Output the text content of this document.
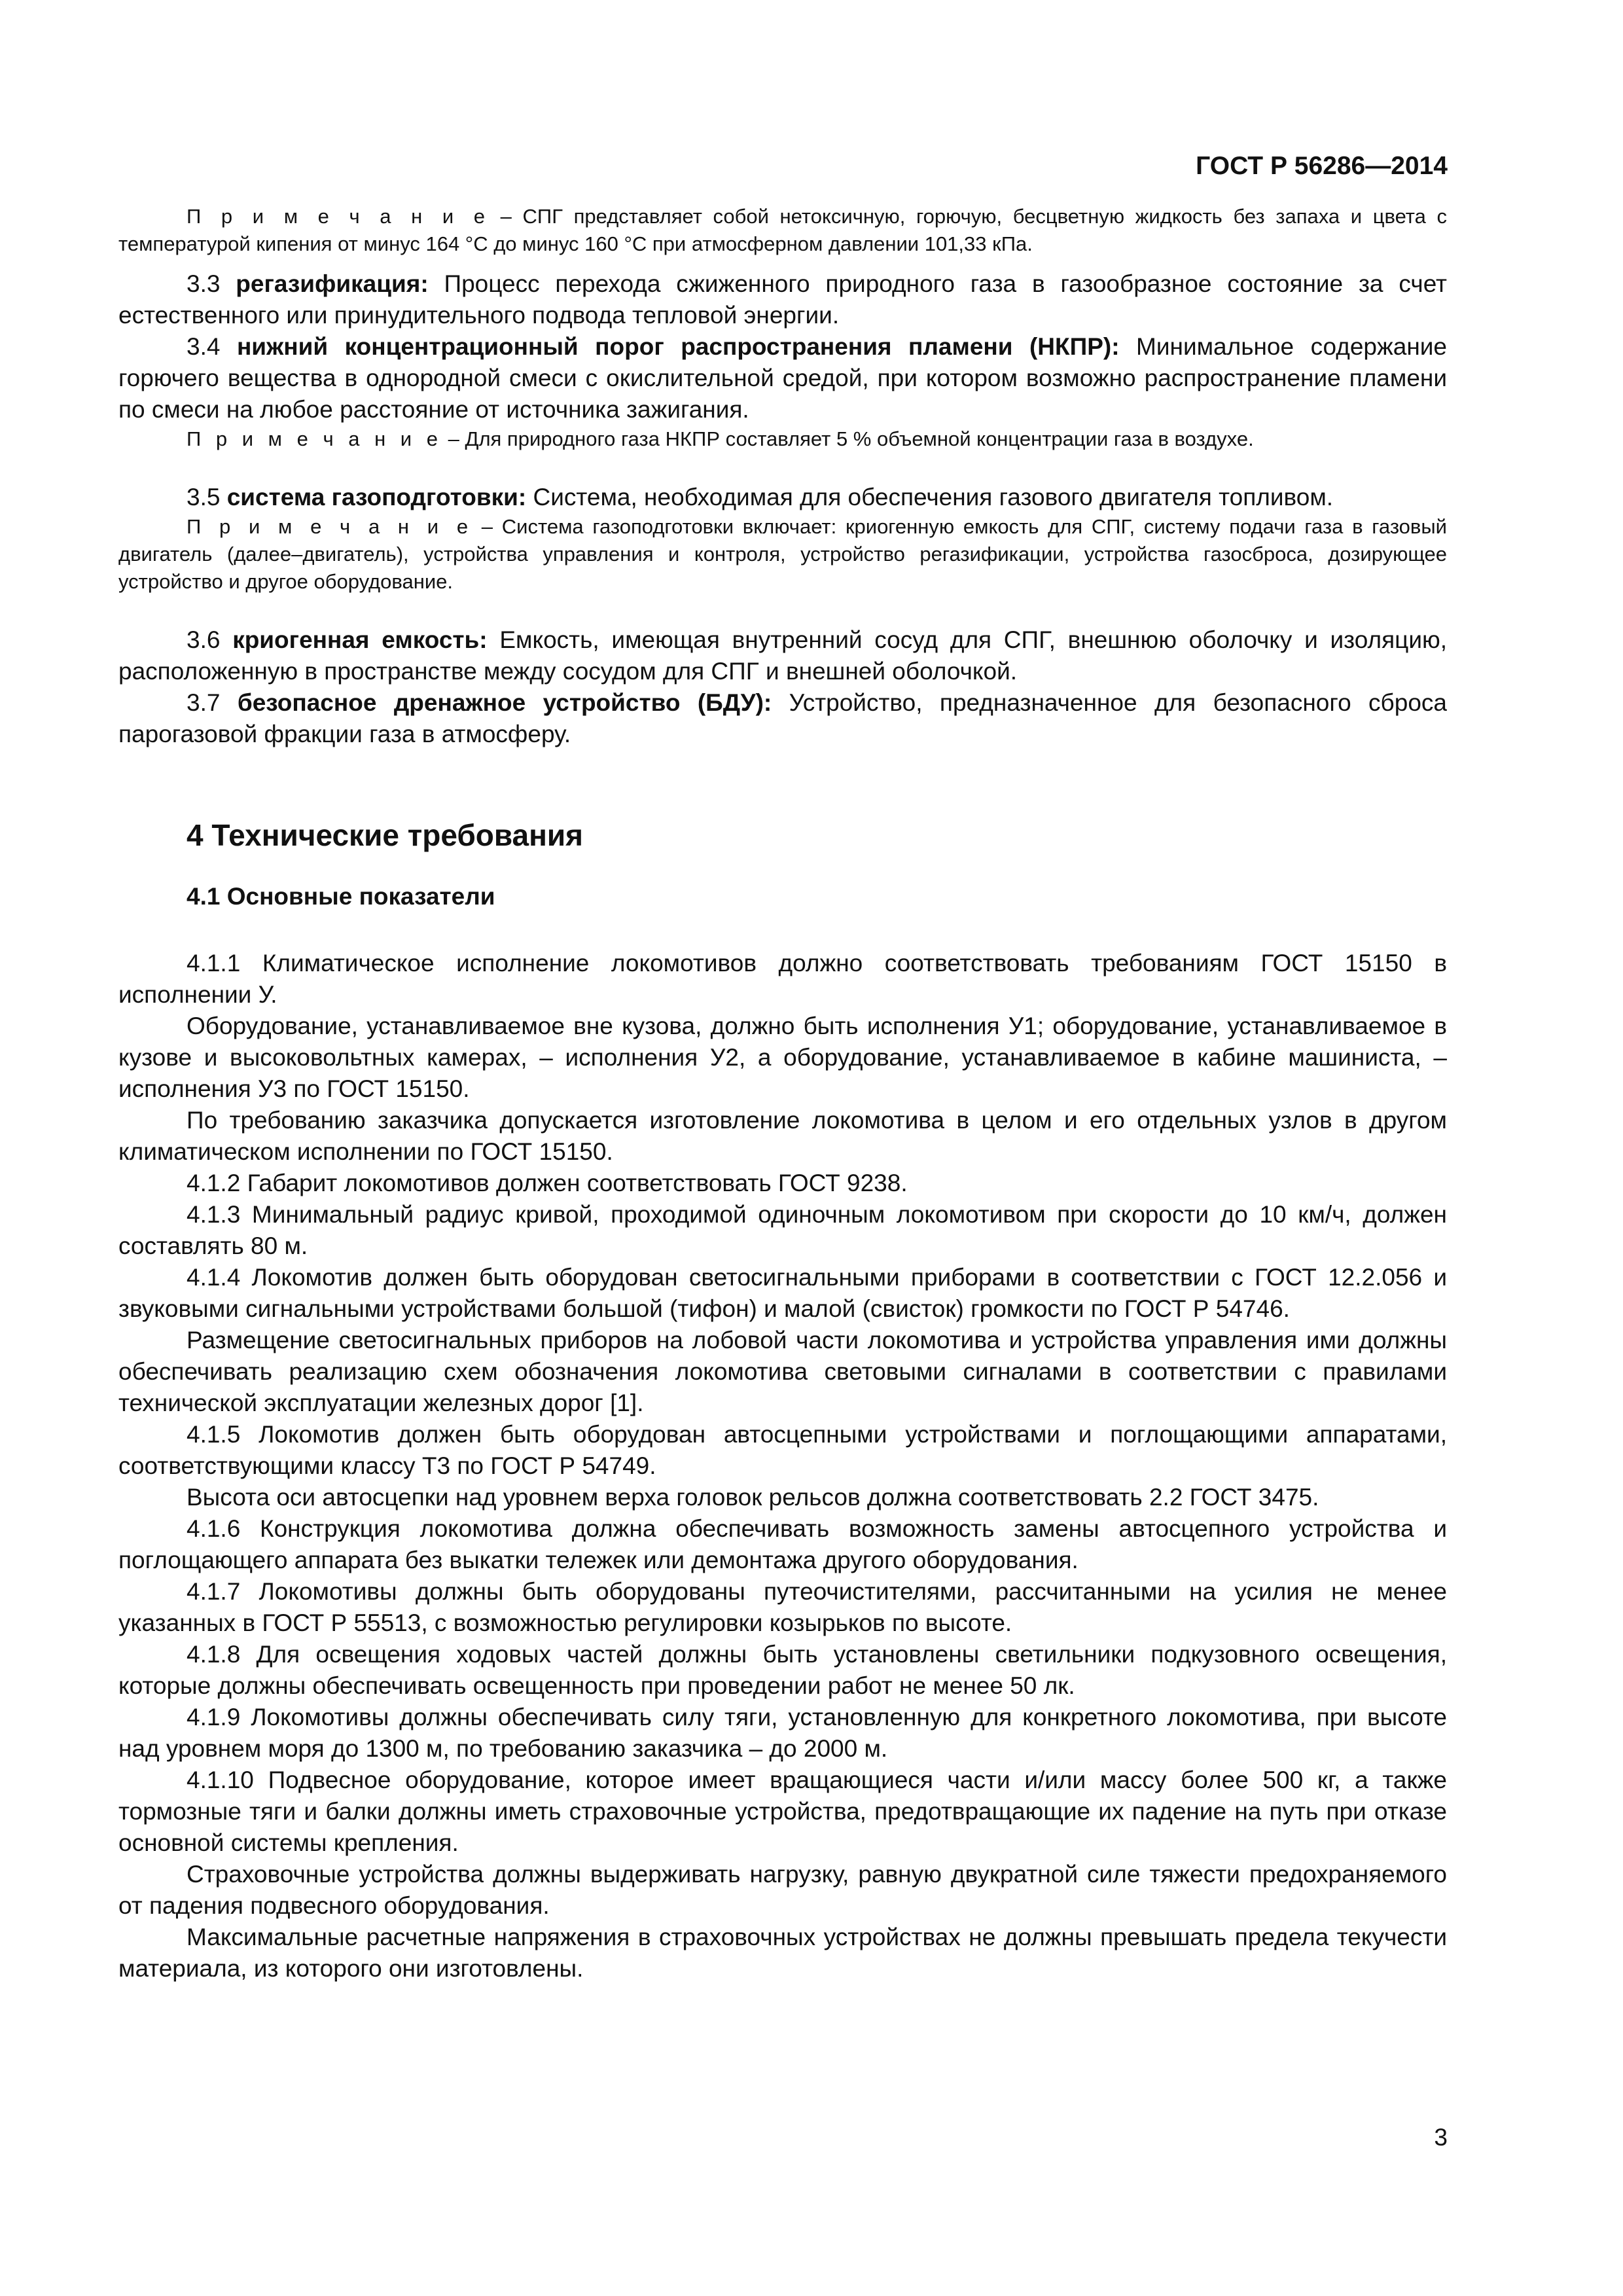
ГОСТ Р 56286—2014

П р и м е ч а н и е – СПГ представляет собой нетоксичную, горючую, бесцветную жидкость без запаха и цвета с температурой кипения от минус 164 °С до минус 160 °С при атмосферном давлении 101,33 кПа.

3.3 регазификация: Процесс перехода сжиженного природного газа в газообразное состояние за счет естественного или принудительного подвода тепловой энергии.

3.4 нижний концентрационный порог распространения пламени (НКПР): Минимальное содержание горючего вещества в однородной смеси с окислительной средой, при котором возможно распространение пламени по смеси на любое расстояние от источника зажигания.

П р и м е ч а н и е – Для природного газа НКПР составляет 5 % объемной концентрации газа в воздухе.

3.5 система газоподготовки: Система, необходимая для обеспечения газового двигателя топливом.

П р и м е ч а н и е – Система газоподготовки включает: криогенную емкость для СПГ, систему подачи газа в газовый двигатель (далее–двигатель), устройства управления и контроля, устройство регазификации, устройства газосброса, дозирующее устройство и другое оборудование.

3.6 криогенная емкость: Емкость, имеющая внутренний сосуд для СПГ, внешнюю оболочку и изоляцию, расположенную в пространстве между сосудом для СПГ и внешней оболочкой.

3.7 безопасное дренажное устройство (БДУ): Устройство, предназначенное для безопасного сброса парогазовой фракции газа в атмосферу.

4 Технические требования
4.1 Основные показатели

4.1.1 Климатическое исполнение локомотивов должно соответствовать требованиям ГОСТ 15150 в исполнении У.

Оборудование, устанавливаемое вне кузова, должно быть исполнения У1; оборудование, устанавливаемое в кузове и высоковольтных камерах, – исполнения У2, а оборудование, устанавливаемое в кабине машиниста, – исполнения У3 по ГОСТ 15150.

По требованию заказчика допускается изготовление локомотива в целом и его отдельных узлов в другом климатическом исполнении по ГОСТ 15150.

4.1.2 Габарит локомотивов должен соответствовать ГОСТ 9238.

4.1.3 Минимальный радиус кривой, проходимой одиночным локомотивом при скорости до 10 км/ч, должен составлять 80 м.

4.1.4 Локомотив должен быть оборудован светосигнальными приборами в соответствии с ГОСТ 12.2.056 и звуковыми сигнальными устройствами большой (тифон) и малой (свисток) громкости по ГОСТ Р 54746.

Размещение светосигнальных приборов на лобовой части локомотива и устройства управления ими должны обеспечивать реализацию схем обозначения локомотива световыми сигналами в соответствии с правилами технической эксплуатации железных дорог [1].

4.1.5 Локомотив должен быть оборудован автосцепными устройствами и поглощающими аппаратами, соответствующими классу Т3 по ГОСТ Р 54749.

Высота оси автосцепки над уровнем верха головок рельсов должна соответствовать 2.2 ГОСТ 3475.

4.1.6 Конструкция локомотива должна обеспечивать возможность замены автосцепного устройства и поглощающего аппарата без выкатки тележек или демонтажа другого оборудования.

4.1.7 Локомотивы должны быть оборудованы путеочистителями, рассчитанными на усилия не менее указанных в ГОСТ Р 55513, с возможностью регулировки козырьков по высоте.

4.1.8 Для освещения ходовых частей должны быть установлены светильники подкузовного освещения, которые должны обеспечивать освещенность при проведении работ не менее 50 лк.

4.1.9 Локомотивы должны обеспечивать силу тяги, установленную для конкретного локомотива, при высоте над уровнем моря до 1300 м, по требованию заказчика – до 2000 м.

4.1.10 Подвесное оборудование, которое имеет вращающиеся части и/или массу более 500 кг, а также тормозные тяги и балки должны иметь страховочные устройства, предотвращающие их падение на путь при отказе основной системы крепления.

Страховочные устройства должны выдерживать нагрузку, равную двукратной силе тяжести предохраняемого от падения подвесного оборудования.

Максимальные расчетные напряжения в страховочных устройствах не должны превышать предела текучести материала, из которого они изготовлены.

3
